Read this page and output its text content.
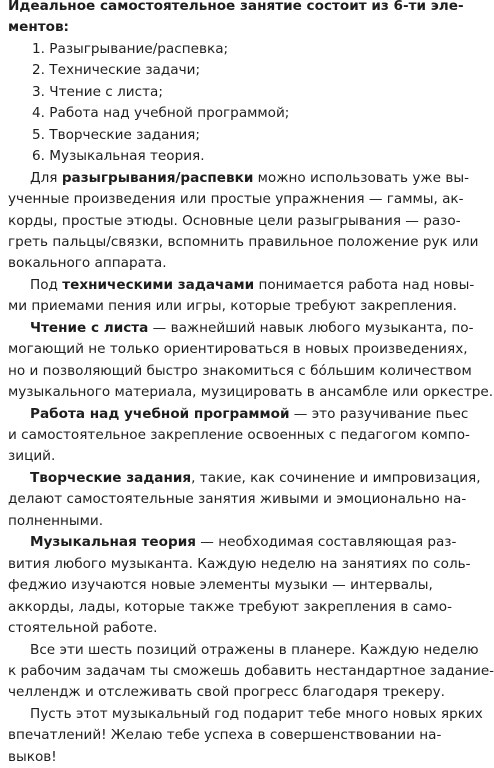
Идеальное самостоятельное занятие состоит из 6-ти эле-
ментов:
1. Разыгрывание/распевка;
2. Технические задачи;
3. Чтение с листа;
4. Работа над учебной программой;
5. Творческие задания;
6. Музыкальная теория.
Для разыгрывания/распевки можно использовать уже вы-
ученные произведения или простые упражнения — гаммы, ак-
корды, простые этюды. Основные цели разыгрывания — разо-
греть пальцы/связки, вспомнить правильное положение рук или
вокального аппарата.
Под техническими задачами понимается работа над новы-
ми приемами пения или игры, которые требуют закрепления.
Чтение с листа — важнейший навык любого музыканта, по-
могающий не только ориентироваться в новых произведениях,
но и позволяющий быстро знакомиться с бóльшим количеством
музыкального материала, музицировать в ансамбле или оркестре.
Работа над учебной программой — это разучивание пьес
и самостоятельное закрепление освоенных с педагогом компо-
зиций.
Творческие задания, такие, как сочинение и импровизация,
делают самостоятельные занятия живыми и эмоционально на-
полненными.
Музыкальная теория — необходимая составляющая раз-
вития любого музыканта. Каждую неделю на занятиях по соль-
феджио изучаются новые элементы музыки — интервалы,
аккорды, лады, которые также требуют закрепления в само-
стоятельной работе.
Все эти шесть позиций отражены в планере. Каждую неделю
к рабочим задачам ты сможешь добавить нестандартное задание-
челлендж и отслеживать свой прогресс благодаря трекеру.
Пусть этот музыкальный год подарит тебе много новых ярких
впечатлений! Желаю тебе успеха в совершенствовании на-
выков!
